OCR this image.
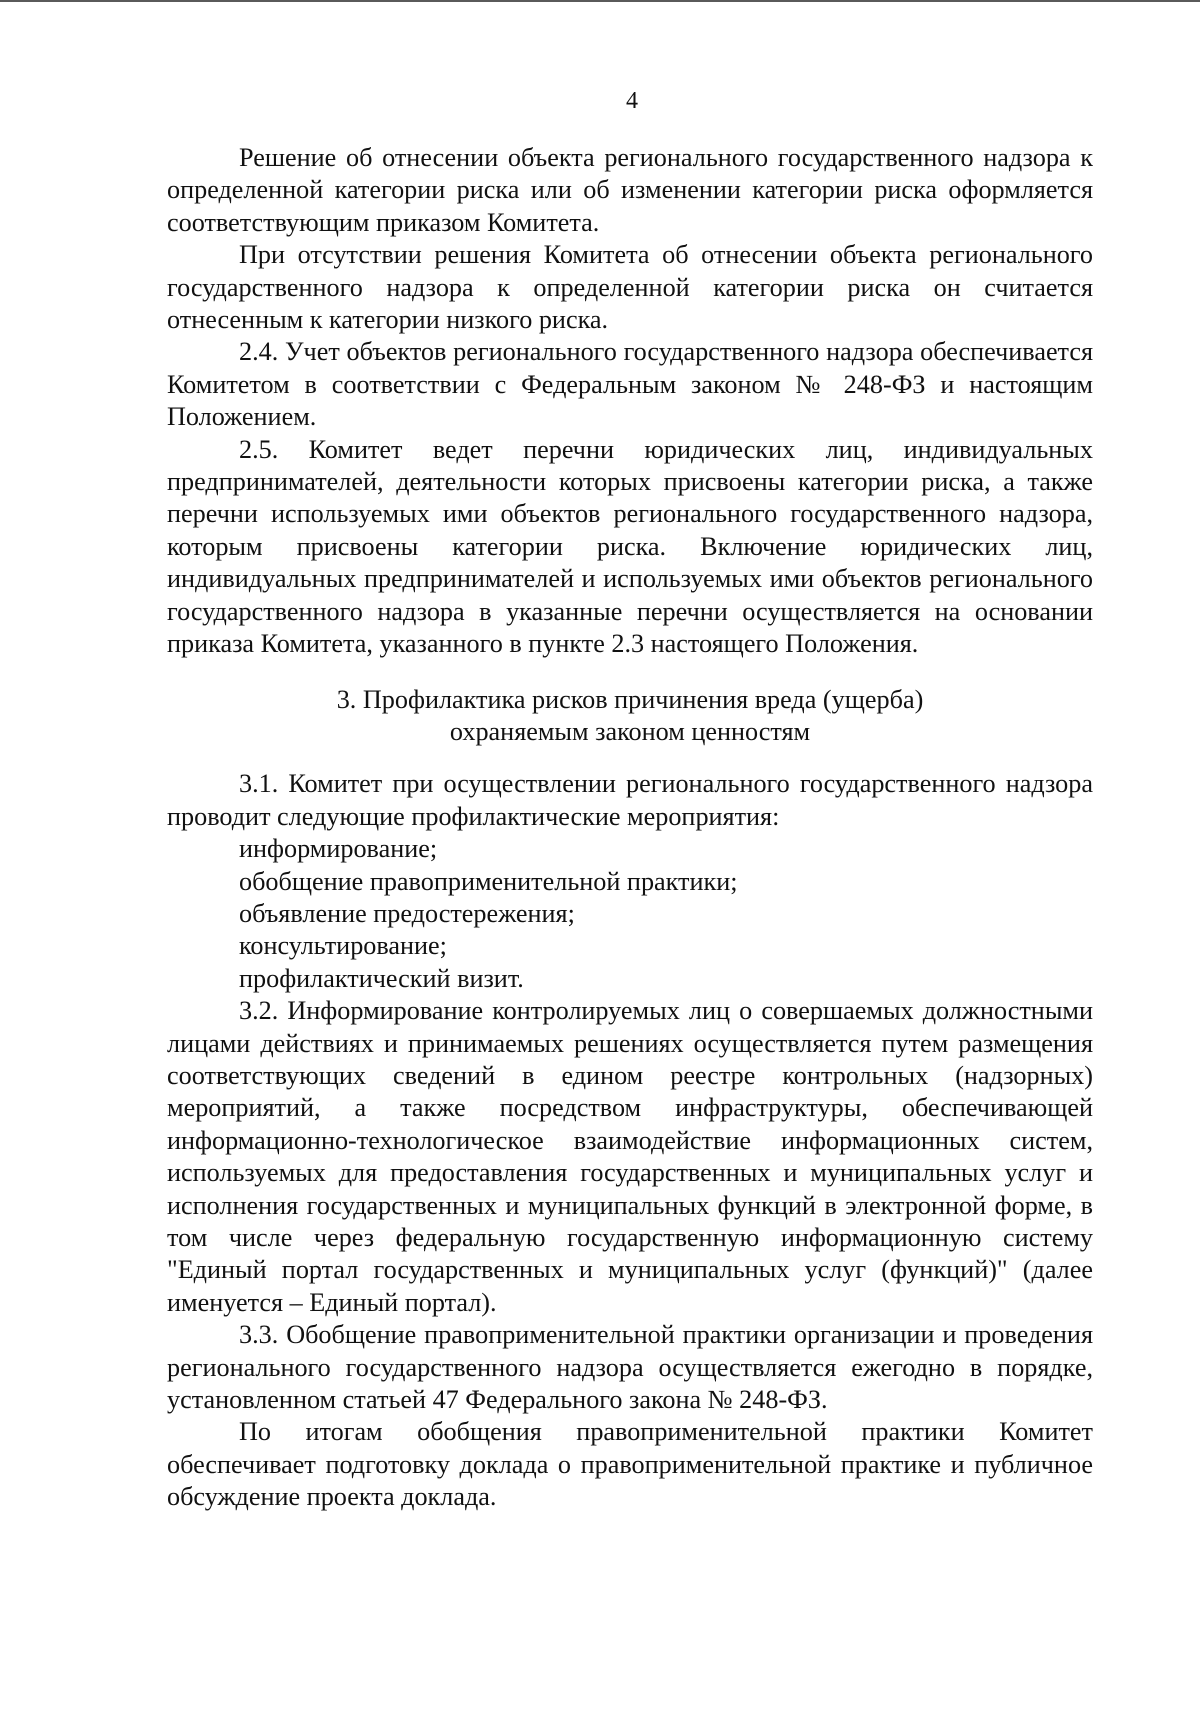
4

Решение об отнесении объекта регионального государственного надзора к определенной категории риска или об изменении категории риска оформляется соответствующим приказом Комитета.

При отсутствии решения Комитета об отнесении объекта регионального государственного надзора к определенной категории риска он считается отнесенным к категории низкого риска.

2.4. Учет объектов регионального государственного надзора обеспечивается Комитетом в соответствии с Федеральным законом № 248-ФЗ и настоящим Положением.

2.5. Комитет ведет перечни юридических лиц, индивидуальных предпринимателей, деятельности которых присвоены категории риска, а также перечни используемых ими объектов регионального государственного надзора, которым присвоены категории риска. Включение юридических лиц, индивидуальных предпринимателей и используемых ими объектов регионального государственного надзора в указанные перечни осуществляется на основании приказа Комитета, указанного в пункте 2.3 настоящего Положения.

3. Профилактика рисков причинения вреда (ущерба)
охраняемым законом ценностям

3.1. Комитет при осуществлении регионального государственного надзора проводит следующие профилактические мероприятия:

информирование;

обобщение правоприменительной практики;

объявление предостережения;

консультирование;

профилактический визит.

3.2. Информирование контролируемых лиц о совершаемых должностными лицами действиях и принимаемых решениях осуществляется путем размещения соответствующих сведений в едином реестре контрольных (надзорных) мероприятий, а также посредством инфраструктуры, обеспечивающей информационно-технологическое взаимодействие информационных систем, используемых для предоставления государственных и муниципальных услуг и исполнения государственных и муниципальных функций в электронной форме, в том числе через федеральную государственную информационную систему "Единый портал государственных и муниципальных услуг (функций)" (далее именуется – Единый портал).

3.3. Обобщение правоприменительной практики организации и проведения регионального государственного надзора осуществляется ежегодно в порядке, установленном статьей 47 Федерального закона № 248-ФЗ.

По итогам обобщения правоприменительной практики Комитет обеспечивает подготовку доклада о правоприменительной практике и публичное обсуждение проекта доклада.
